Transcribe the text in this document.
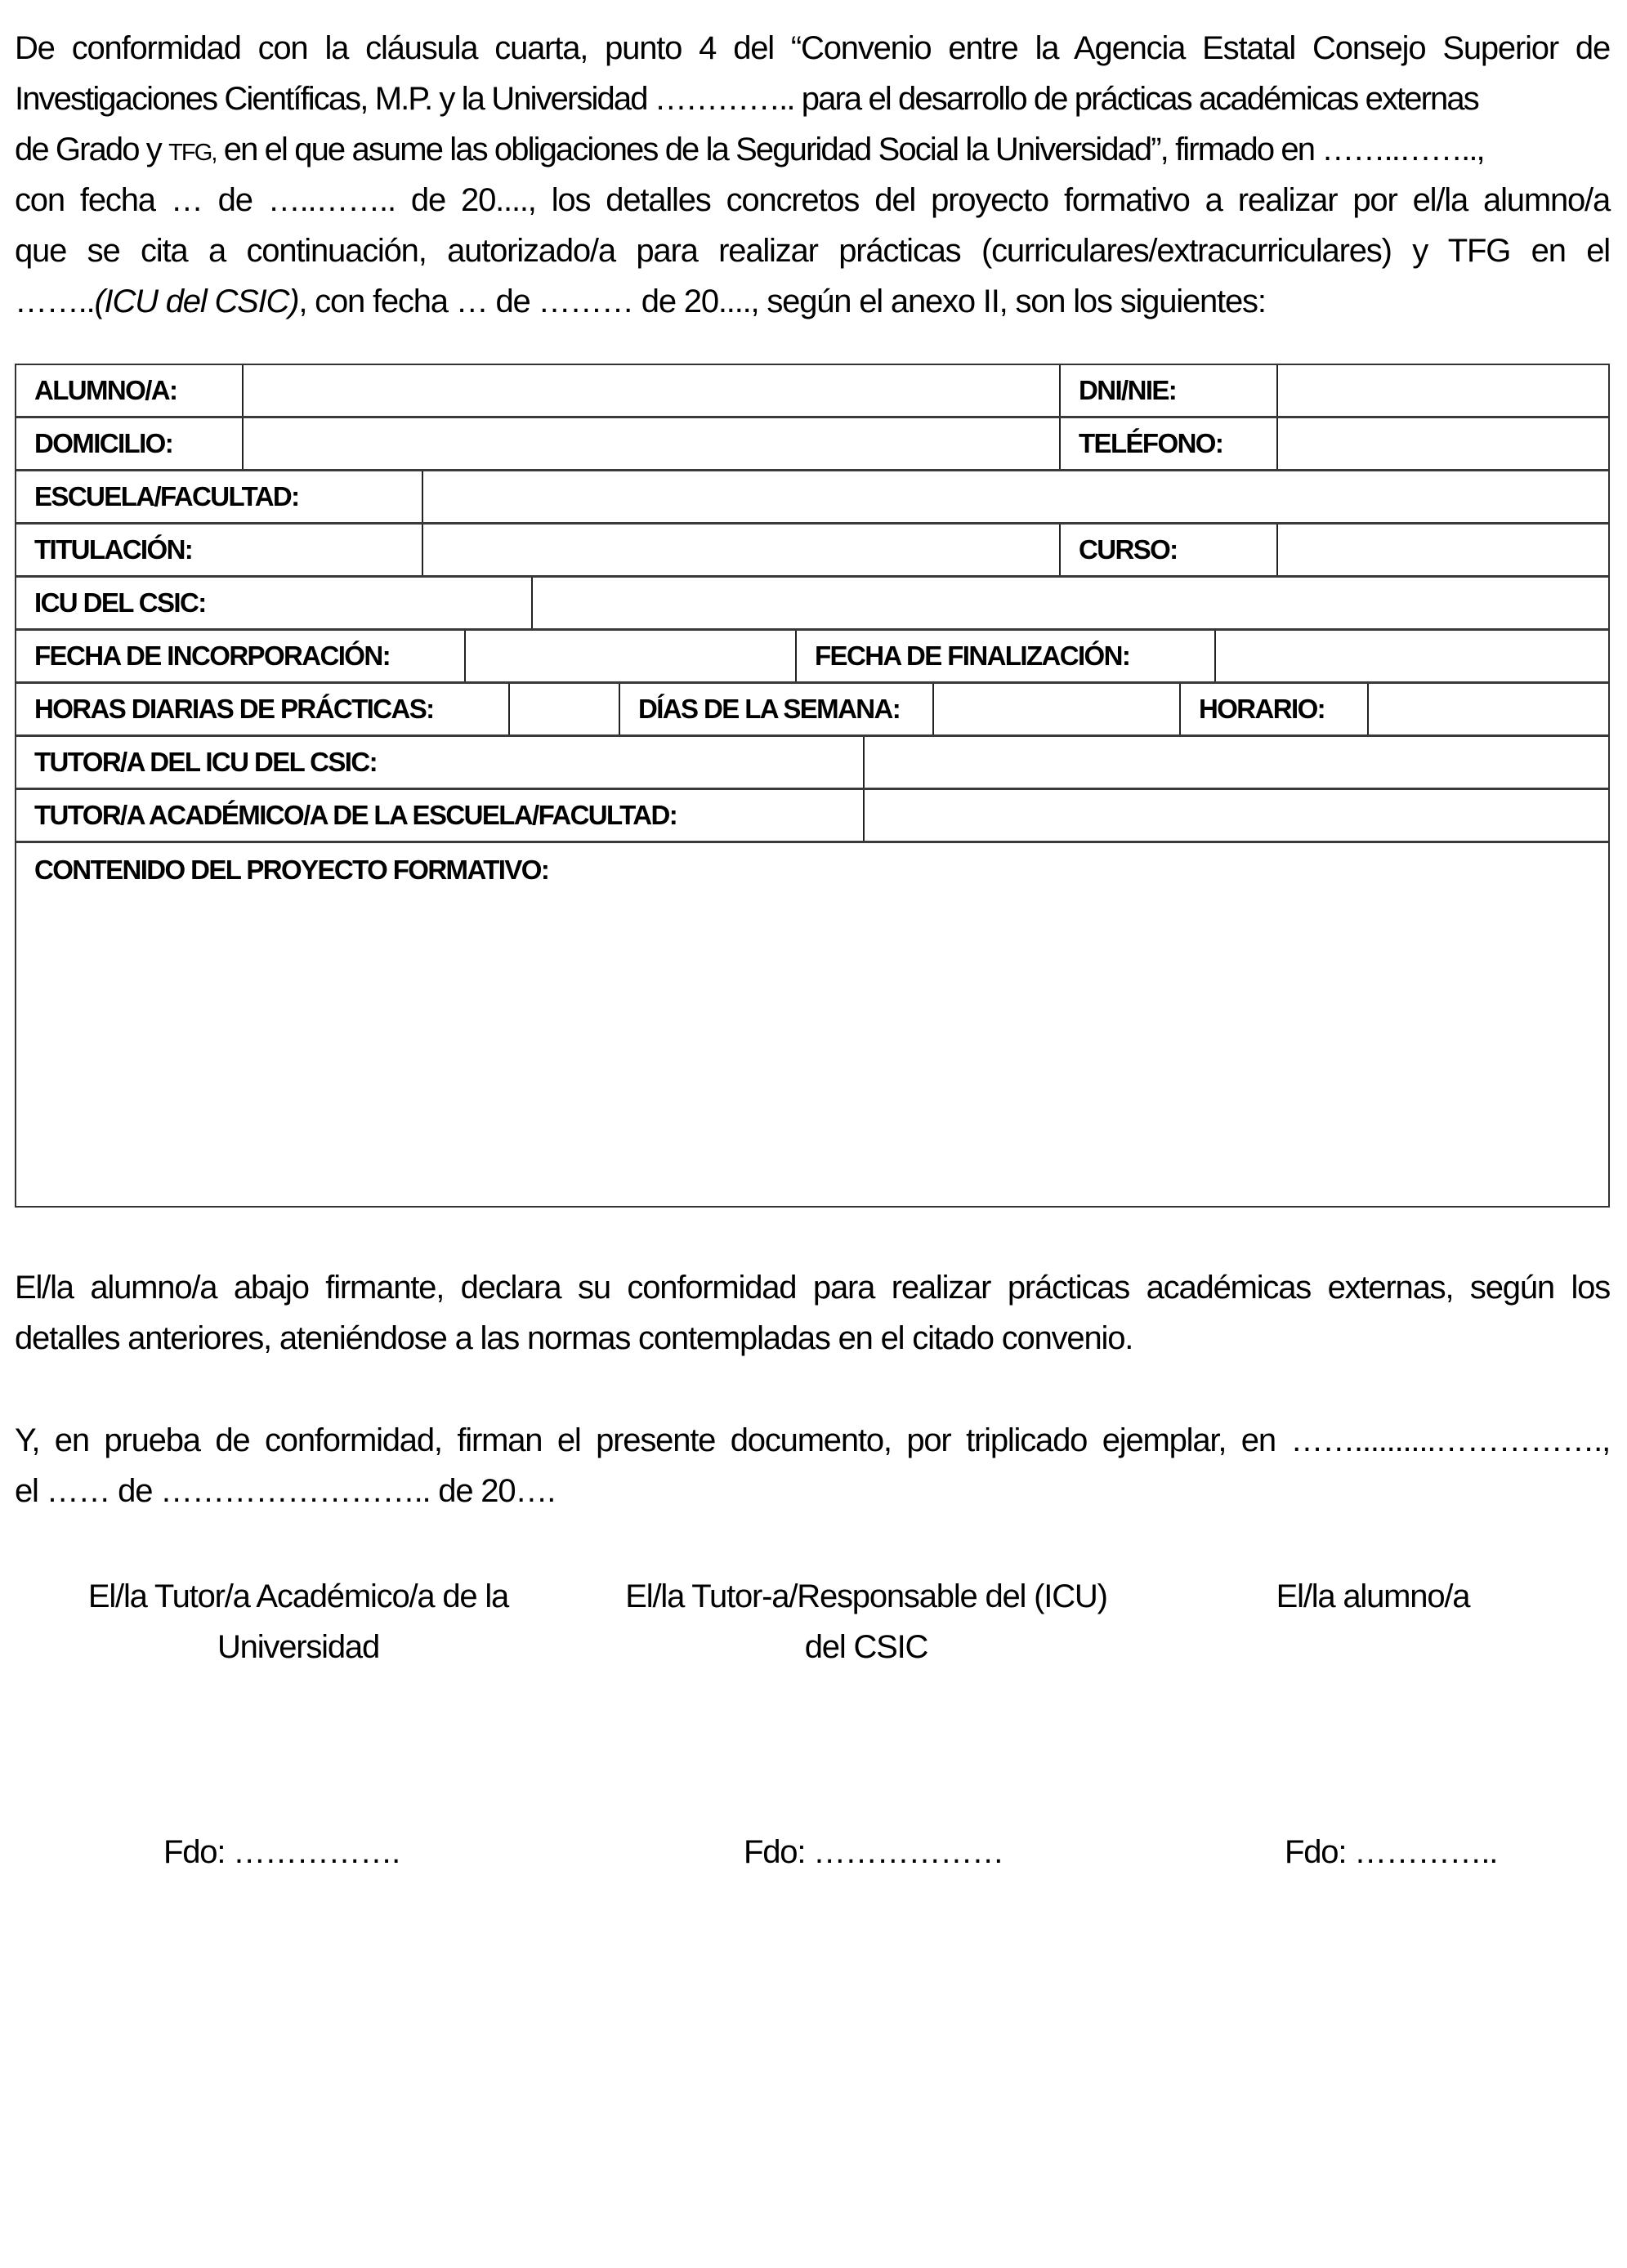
De conformidad con la cláusula cuarta, punto 4 del “Convenio entre la Agencia Estatal Consejo Superior de
Investigaciones Científicas, M.P. y la Universidad ………….. para el desarrollo de prácticas académicas externas
de Grado y TFG, en el que asume las obligaciones de la Seguridad Social la Universidad”, firmado en ……..……..,
con fecha … de …..…….. de 20...., los detalles concretos del proyecto formativo a realizar por el/la alumno/a
que se cita a continuación, autorizado/a para realizar prácticas (curriculares/extracurriculares) y TFG en el
……..(ICU del CSIC), con fecha … de ……… de 20...., según el anexo II, son los siguientes:
ALUMNO/A:	DNI/NIE:
DOMICILIO:	TELÉFONO:
ESCUELA/FACULTAD:
TITULACIÓN:	CURSO:
ICU DEL CSIC:
FECHA DE INCORPORACIÓN:	FECHA DE FINALIZACIÓN:
HORAS DIARIAS DE PRÁCTICAS:	DÍAS DE LA SEMANA:	HORARIO:
TUTOR/A DEL ICU DEL CSIC:
TUTOR/A ACADÉMICO/A DE LA ESCUELA/FACULTAD:
CONTENIDO DEL PROYECTO FORMATIVO:
El/la alumno/a abajo firmante, declara su conformidad para realizar prácticas académicas externas, según los
detalles anteriores, ateniéndose a las normas contempladas en el citado convenio.
Y, en prueba de conformidad, firman el presente documento, por triplicado ejemplar, en ……..........…………….,
el …… de …………………….. de 20….
El/la Tutor/a Académico/a de la
Universidad
El/la Tutor-a/Responsable del (ICU)
del CSIC
El/la alumno/a
Fdo: …………….	Fdo: ………………	Fdo: …………..
